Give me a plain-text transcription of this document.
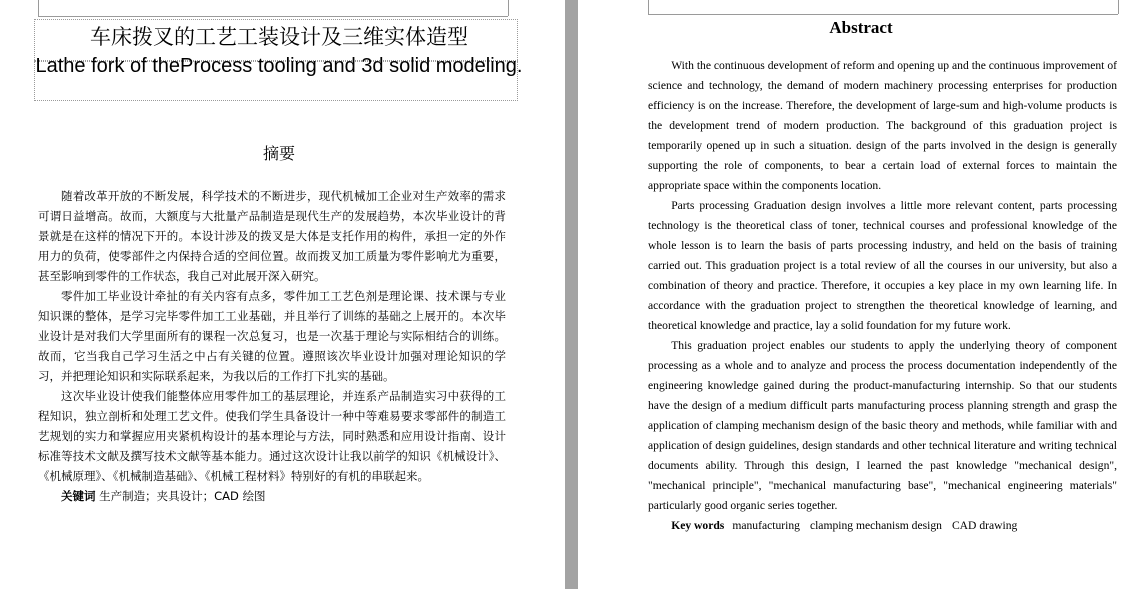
车床拨叉的工艺工装设计及三维实体造型
Lathe fork of theProcess tooling and 3d solid modeling.
摘要

随着改革开放的不断发展，科学技术的不断进步，现代机械加工企业对生产效率的需求可谓日益增高。故而，大额度与大批量产品制造是现代生产的发展趋势，本次毕业设计的背景就是在这样的情况下开的。本设计涉及的拨叉是大体是支托作用的构件，承担一定的外作用力的负荷，使零部件之内保持合适的空间位置。故而拨叉加工质量为零件影响尤为重要，甚至影响到零件的工作状态，我自己对此展开深入研究。

零件加工毕业设计牵扯的有关内容有点多，零件加工工艺色剂是理论课、技术课与专业知识课的整体，是学习完毕零件加工工业基础，并且举行了训练的基础之上展开的。本次毕业设计是对我们大学里面所有的课程一次总复习，也是一次基于理论与实际相结合的训练。故而，它当我自己学习生活之中占有关键的位置。遵照该次毕业设计加强对理论知识的学习，并把理论知识和实际联系起来，为我以后的工作打下扎实的基础。

这次毕业设计使我们能整体应用零件加工的基层理论，并连系产品制造实习中获得的工程知识，独立剖析和处理工艺文件。使我们学生具备设计一种中等难易要求零部件的制造工艺规划的实力和掌握应用夹紧机构设计的基本理论与方法，同时熟悉和应用设计指南、设计标准等技术文献及撰写技术文献等基本能力。通过这次设计让我以前学的知识《机械设计》、《机械原理》、《机械制造基础》、《机械工程材料》特别好的有机的串联起来。

关键词 生产制造；夹具设计；CAD 绘图

Abstract

With the continuous development of reform and opening up and the continuous improvement of science and technology, the demand of modern machinery processing enterprises for production efficiency is on the increase. Therefore, the development of large-sum and high-volume products is the development trend of modern production. The background of this graduation project is temporarily opened up in such a situation. design of the parts involved in the design is generally supporting the role of components, to bear a certain load of external forces to maintain the appropriate space within the components location.

Parts processing Graduation design involves a little more relevant content, parts processing technology is the theoretical class of toner, technical courses and professional knowledge of the whole lesson is to learn the basis of parts processing industry, and held on the basis of training carried out. This graduation project is a total review of all the courses in our university, but also a combination of theory and practice. Therefore, it occupies a key place in my own learning life. In accordance with the graduation project to strengthen the theoretical knowledge of learning, and theoretical knowledge and practice, lay a solid foundation for my future work.

This graduation project enables our students to apply the underlying theory of component processing as a whole and to analyze and process the process documentation independently of the engineering knowledge gained during the product-manufacturing internship. So that our students have the design of a medium difficult parts manufacturing process planning strength and grasp the application of clamping mechanism design of the basic theory and methods, while familiar with and application of design guidelines, design standards and other technical literature and writing technical documents ability. Through this design, I learned the past knowledge "mechanical design", "mechanical principle", "mechanical manufacturing base", "mechanical engineering materials" particularly good organic series together.

Key words manufacturing clamping mechanism design CAD drawing
